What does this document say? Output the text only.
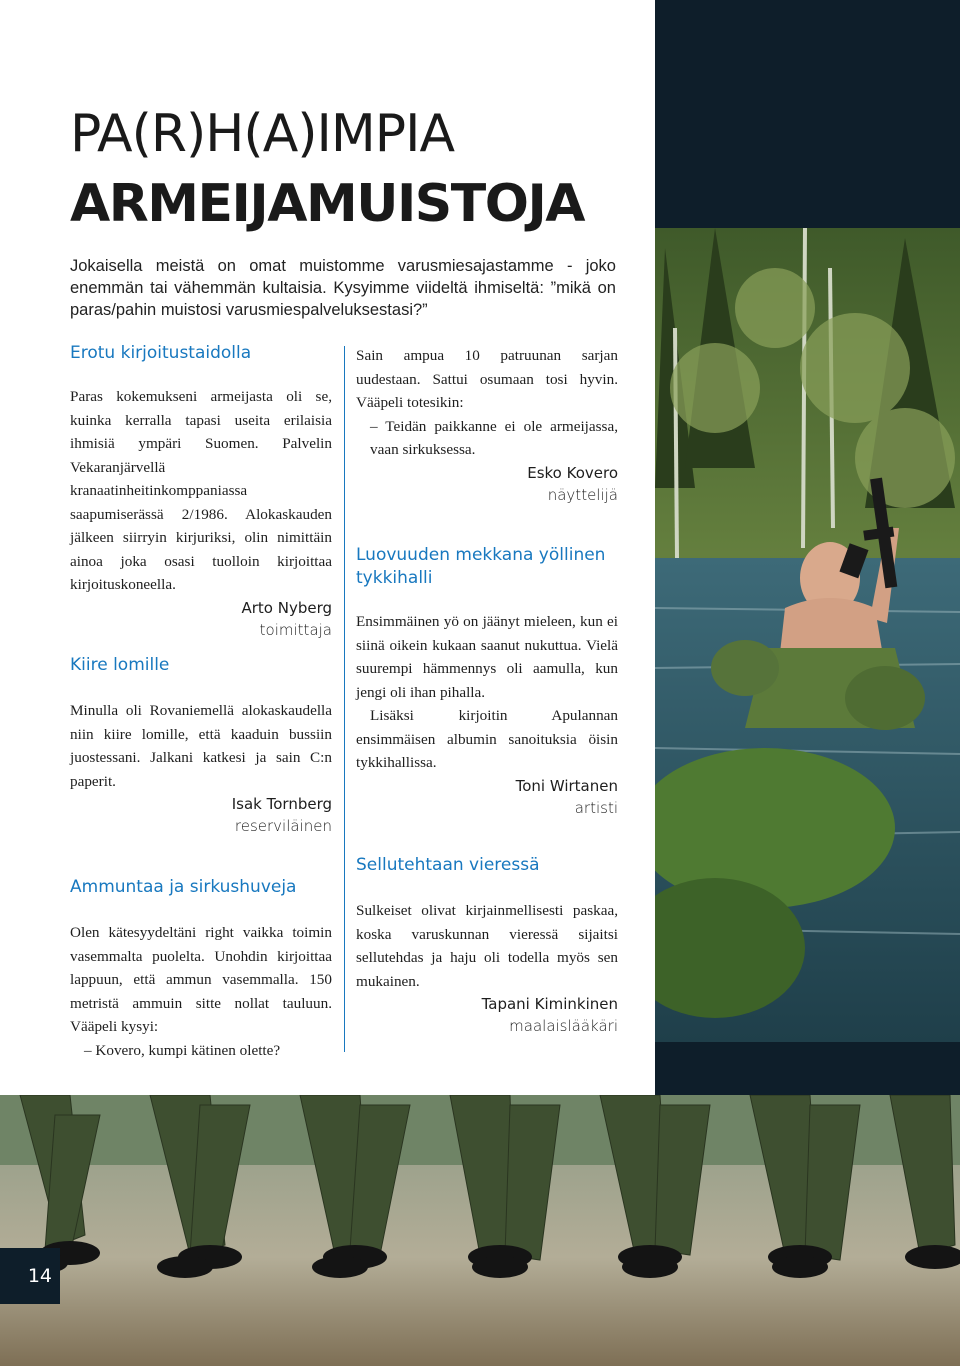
14
PA(R)H(A)IMPIA
ARMEIJAMUISTOJA
Jokaisella meistä on omat muistomme varusmiesajastamme - joko enemmän tai vähemmän kultaisia. Kysyimme viideltä ihmiseltä: ”mikä on paras/pahin muistosi varusmiespalveluksestasi?”
Erotu kirjoitustaidolla

Paras kokemukseni armeijasta oli se, kuinka kerralla tapasi useita erilaisia ihmisiä ympäri Suomen. Palvelin Vekaranjärvellä kranaatinheitinkomppaniassa saapumiserässä 2/1986. Alokaskauden jälkeen siirryin kirjuriksi, olin nimittäin ainoa joka osasi tuolloin kirjoittaa kirjoituskoneella.

Arto Nyberg
toimittaja
Kiire lomille

Minulla oli Rovaniemellä alokaskaudella niin kiire lomille, että kaaduin bussiin juostessani. Jalkani katkesi ja sain C:n paperit.

Isak Tornberg
reserviläinen
Ammuntaa ja sirkushuveja

Olen kätesyydeltäni right vaikka toimin vasemmalta puolelta. Unohdin kirjoittaa lappuun, että ammun vasemmalla. 150 metristä ammuin sitte nollat tauluun. Vääpeli kysyi:

– Kovero, kumpi kätinen olette?

Sain ampua 10 patruunan sarjan uudestaan. Sattui osumaan tosi hyvin. Vääpeli totesikin:

– Teidän paikkanne ei ole armeijassa, vaan sirkuksessa.

Esko Kovero
näyttelijä
Luovuuden mekkana yöllinen tykkihalli

Ensimmäinen yö on jäänyt mieleen, kun ei siinä oikein kukaan saanut nukuttua. Vielä suurempi hämmennys oli aamulla, kun jengi oli ihan pihalla.

Lisäksi kirjoitin Apulannan ensimmäisen albumin sanoituksia öisin tykkihallissa.

Toni Wirtanen
artisti
Sellutehtaan vieressä

Sulkeiset olivat kirjainmellisesti paskaa, koska varuskunnan vieressä sijaitsi sellutehdas ja haju oli todella myös sen mukainen.

Tapani Kiminkinen
maalaislääkäri
